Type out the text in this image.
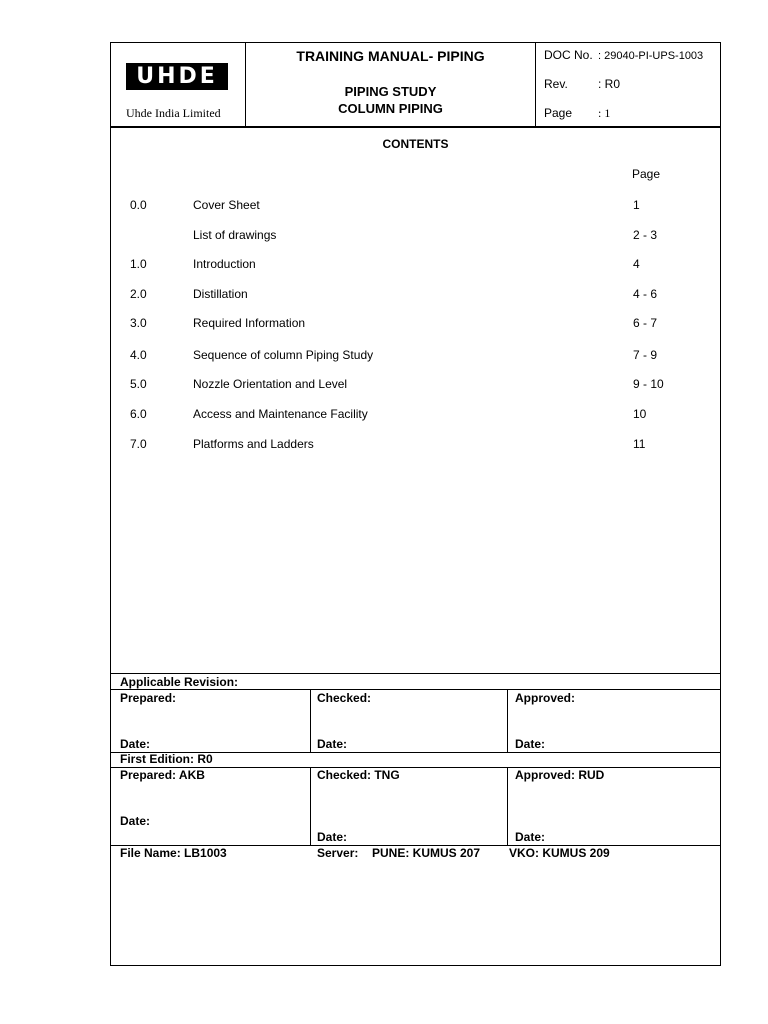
UHDE
Uhde India Limited
TRAINING MANUAL- PIPING
PIPING STUDY
COLUMN PIPING
DOC No. : 29040-PI-UPS-1003
Rev.	: R0
Page : 1
CONTENTS
Page
0.0	Cover Sheet	1
List of drawings	2 - 3
1.0	Introduction	4
2.0	Distillation	4 - 6
3.0	Required Information	6 - 7
4.0	Sequence of column Piping Study	7 - 9
5.0	Nozzle Orientation and Level	9 - 10
6.0	Access and Maintenance Facility	10
7.0	Platforms and Ladders	11
Applicable Revision:
Prepared:	Checked:	Approved:
Date:	Date:	Date:
First Edition: R0
Prepared: AKB	Checked: TNG	Approved: RUD
Date:
Date:	Date:
File Name: LB1003	Server: PUNE: KUMUS 207 VKO: KUMUS 209
